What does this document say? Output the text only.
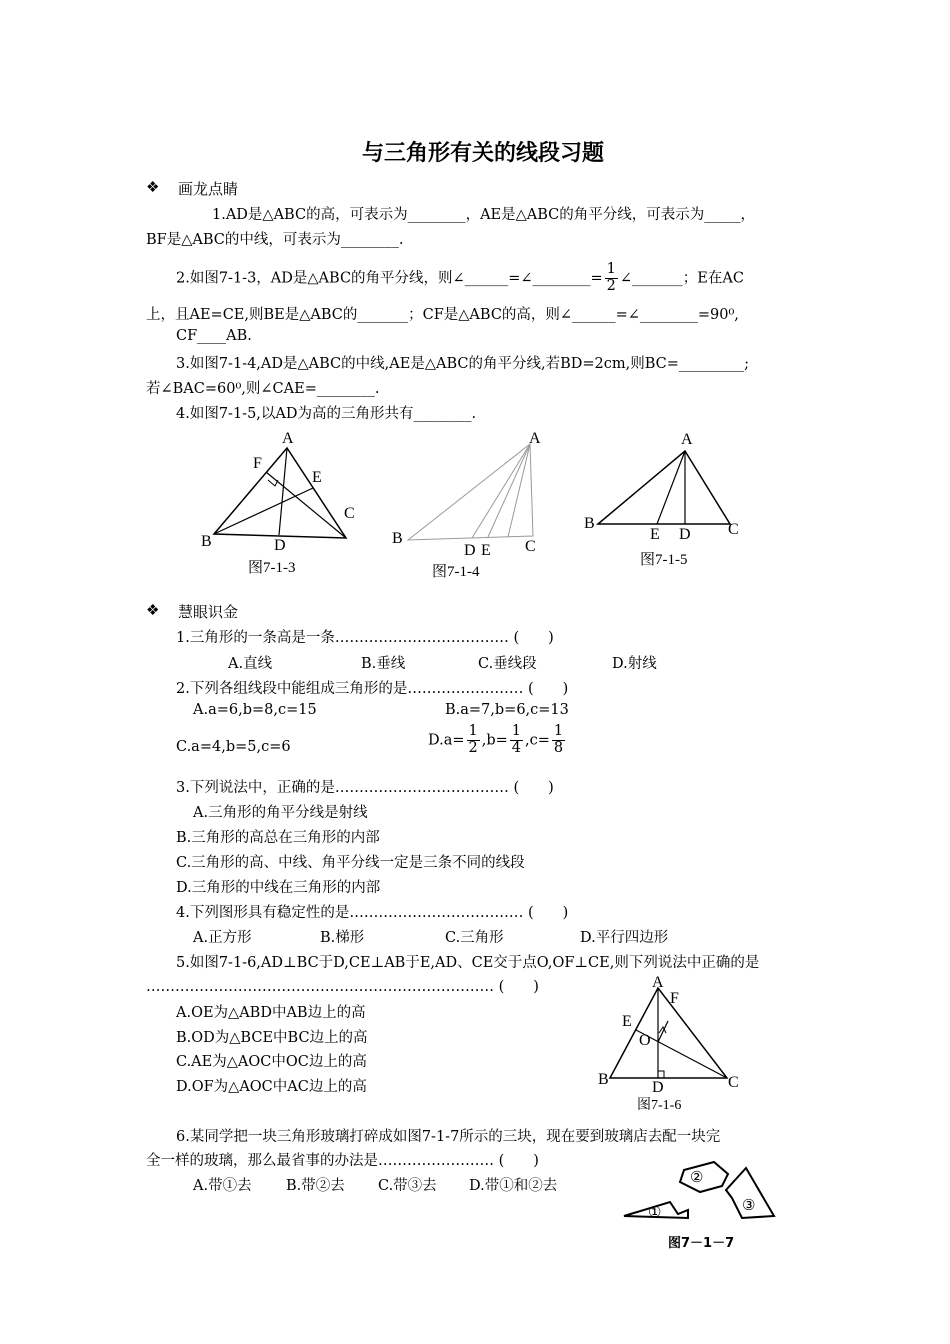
与三角形有关的线段习题
❖ 画龙点睛
1.AD是△ABC的高，可表示为________，AE是△ABC的角平分线，可表示为_____，
BF是△ABC的中线，可表示为________.
2.如图7-1-3，AD是△ABC的角平分线，则∠______=∠________= $\frac{1}{2}$ ∠_______；E在AC
上，且AE=CE,则BE是△ABC的_______；CF是△ABC的高，则∠______=∠________=90⁰,
CF____AB.
3.如图7-1-4,AD是△ABC的中线,AE是△ABC的角平分线,若BD=2cm,则BC=_________;
若∠BAC=60⁰,则∠CAE=________.
4.如图7-1-5,以AD为高的三角形共有________.
A
F
E
C
B	D
图7-1-3
A
B	C
D E
图7-1-4
A
B	C
E D
图7-1-5
❖ 慧眼识金
1.三角形的一条高是一条……………………………… (　　)
A.直线	B.垂线	C.垂线段	D.射线
2.下列各组线段中能组成三角形的是…………………… (　　)
A.a=6,b=8,c=15	B.a=7,b=6,c=13
C.a=4,b=5,c=6	$D.a= \frac{1}{2} ,b= \frac{1}{4} ,c= \frac{1}{8}$
3.下列说法中，正确的是……………………………… (　　)
A.三角形的角平分线是射线
B.三角形的高总在三角形的内部
C.三角形的高、中线、角平分线一定是三条不同的线段
D.三角形的中线在三角形的内部
4.下列图形具有稳定性的是……………………………… (　　)
A.正方形	B.梯形	C.三角形	D.平行四边形
5.如图7-1-6,AD⊥BC于D,CE⊥AB于E,AD、CE交于点O,OF⊥CE,则下列说法中正确的是
……………………………………………………………… (　　)
A.OE为△ABD中AB边上的高
B.OD为△BCE中BC边上的高
C.AE为△AOC中OC边上的高
D.OF为△AOC中AC边上的高
A
F
E
O
B	C
D
图7-1-6
6.某同学把一块三角形玻璃打碎成如图7-1-7所示的三块，现在要到玻璃店去配一块完
全一样的玻璃，那么最省事的办法是…………………… (　　)
A.带①去 B.带②去 C.带③去 D.带①和②去
①
②
③
图7－1－7
